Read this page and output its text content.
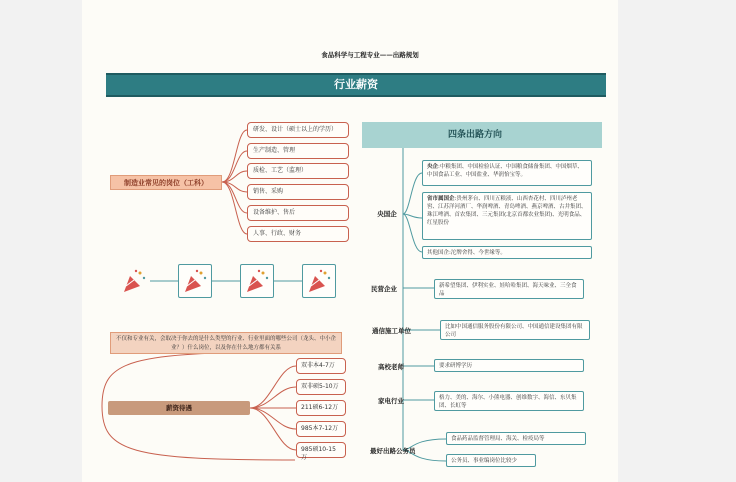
食品科学与工程专业——出路规划
行业薪资
制造业常见的岗位（工科）
研发、设计（硕士以上的学历）
生产制造、管理
质检、工艺（监理）
销售、采购
设备维护、售后
人事、行政、财务
不仅和专业有关，会取决于你去的是什么类型的行业、行业里面的哪些公司（龙头、中小企业？）什么岗位，以及你在什么地方都有关系
薪资待遇
双非本4-7万
双非硕5-10万
211硕6-12万
985本7-12万
985硕10-15万
四条出路方向
央国企
民营企业
通信施工单位
高校老师
家电行业
最好出路公务员
央企:中粮集团、中国检验认证、中国粮食储备集团、中国烟草、中国食品工业、中国盐业、华润怡宝等。
省市属国企:贵州茅台、四川五粮液、山西杏花村、四川泸州老窖、江苏洋河酒厂、华润啤酒、青岛啤酒、燕京啤酒、古井集团、珠江啤酒、首农集团、三元集团(北京首都农业集团)、光明食品、红星股份
其他国企:沱牌舍得、今世缘等。
新希望集团、伊利实业、娃哈哈集团、海天味业、三全食品
比如中国通信服务股份有限公司、中国通信建设集团有限公司
要求研博学历
格力、美的、海尔、小熊电器、创维数字、海信、东贝集团、长虹等
食品药品监督管理局、海关、检疫局等
公务员、事业编岗位比较少
